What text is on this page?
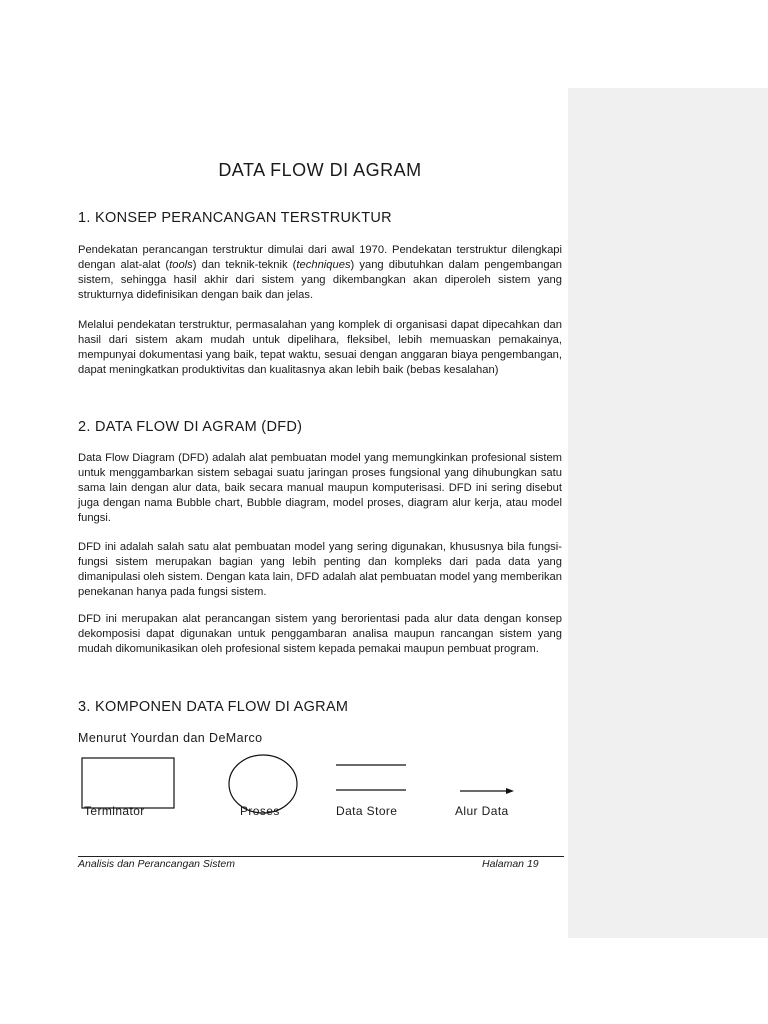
DATA FLOW DI AGRAM
1. KONSEP PERANCANGAN TERSTRUKTUR

Pendekatan perancangan terstruktur dimulai dari awal 1970. Pendekatan terstruktur dilengkapi dengan alat-alat (tools) dan teknik-teknik (techniques) yang dibutuhkan dalam pengembangan sistem, sehingga hasil akhir dari sistem yang dikembangkan akan diperoleh sistem yang strukturnya didefinisikan dengan baik dan jelas.

Melalui pendekatan terstruktur, permasalahan yang komplek di organisasi dapat dipecahkan dan hasil dari sistem akam mudah untuk dipelihara, fleksibel, lebih memuaskan pemakainya, mempunyai dokumentasi yang baik, tepat waktu, sesuai dengan anggaran biaya pengembangan, dapat meningkatkan produktivitas dan kualitasnya akan lebih baik (bebas kesalahan)

2. DATA FLOW DI AGRAM (DFD)

Data Flow Diagram (DFD) adalah alat pembuatan model yang memungkinkan profesional sistem untuk menggambarkan sistem sebagai suatu jaringan proses fungsional yang dihubungkan satu sama lain dengan alur data, baik secara manual maupun komputerisasi. DFD ini sering disebut juga dengan nama Bubble chart, Bubble diagram, model proses, diagram alur kerja, atau model fungsi.

DFD ini adalah salah satu alat pembuatan model yang sering digunakan, khususnya bila fungsi-fungsi sistem merupakan bagian yang lebih penting dan kompleks dari pada data yang dimanipulasi oleh sistem. Dengan kata lain, DFD adalah alat pembuatan model yang memberikan penekanan hanya pada fungsi sistem.

DFD ini merupakan alat perancangan sistem yang berorientasi pada alur data dengan konsep dekomposisi dapat digunakan untuk penggambaran analisa maupun rancangan sistem yang mudah dikomunikasikan oleh profesional sistem kepada pemakai maupun pembuat program.

3. KOMPONEN DATA FLOW DI AGRAM

Menurut Yourdan dan DeMarco

Terminator	Proses	Data Store	Alur Data
Analisis dan Perancangan Sistem	Halaman 19
